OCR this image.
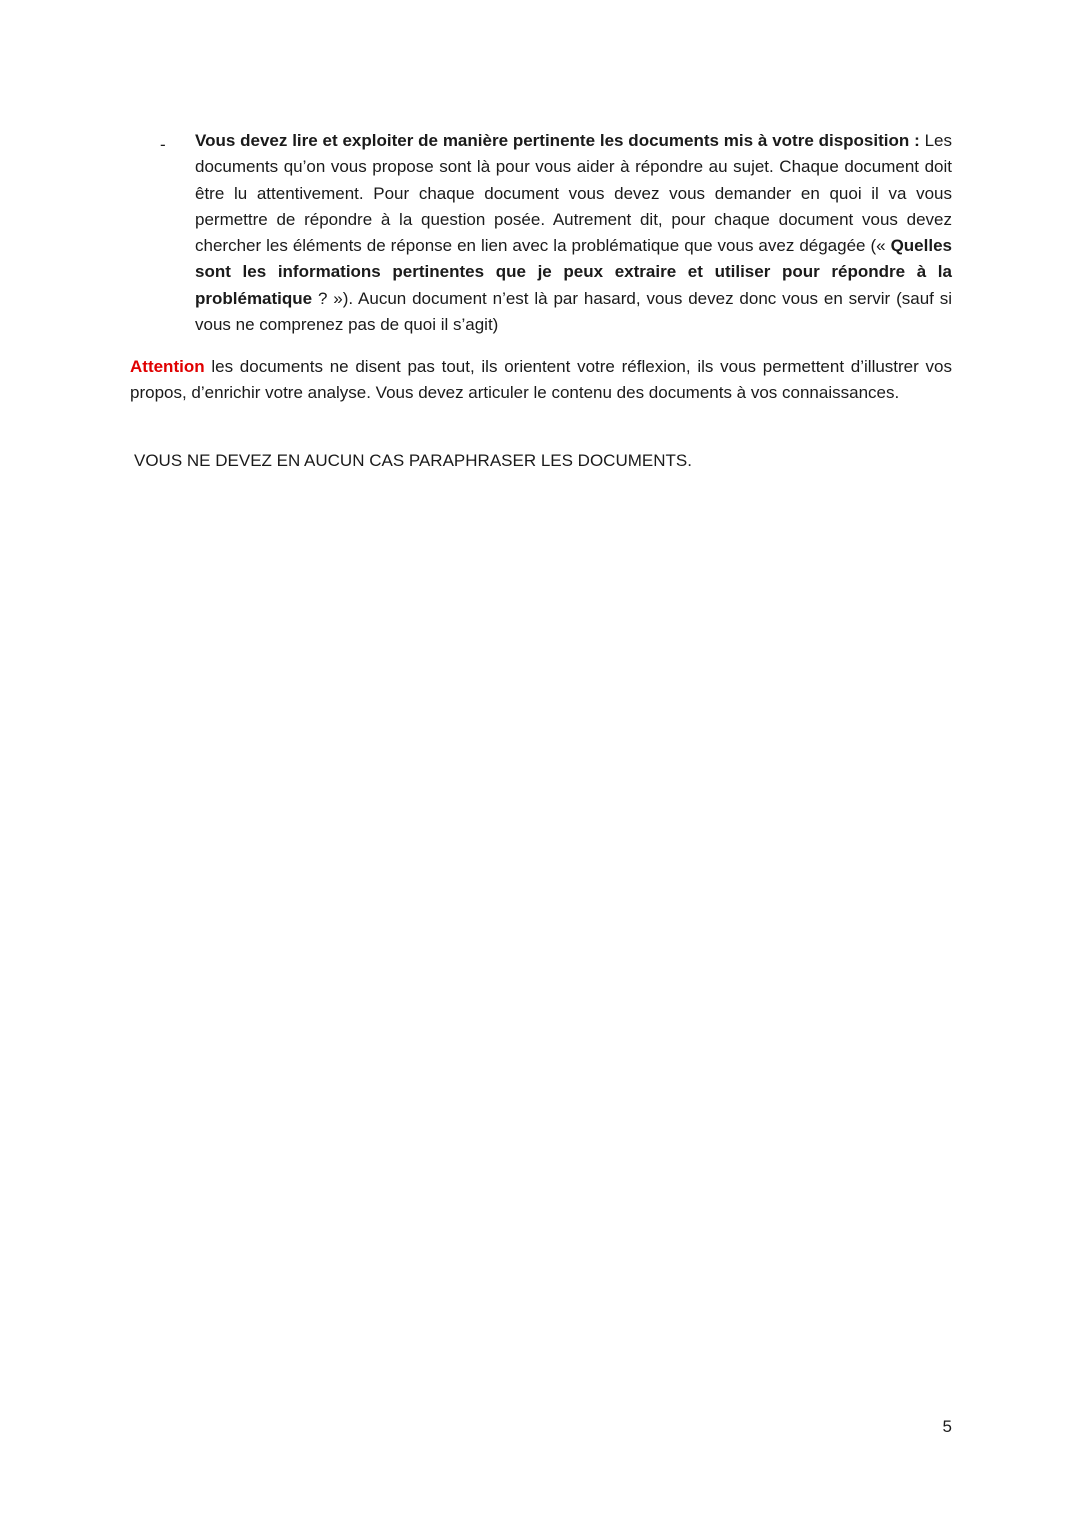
- Vous devez lire et exploiter de manière pertinente les documents mis à votre disposition : Les documents qu’on vous propose sont là pour vous aider à répondre au sujet. Chaque document doit être lu attentivement. Pour chaque document vous devez vous demander en quoi il va vous permettre de répondre à la question posée. Autrement dit, pour chaque document vous devez chercher les éléments de réponse en lien avec la problématique que vous avez dégagée (« Quelles sont les informations pertinentes que je peux extraire et utiliser pour répondre à la problématique ? »). Aucun document n’est là par hasard, vous devez donc vous en servir (sauf si vous ne comprenez pas de quoi il s’agit)
Attention les documents ne disent pas tout, ils orientent votre réflexion, ils vous permettent d’illustrer vos propos, d’enrichir votre analyse. Vous devez articuler le contenu des documents à vos connaissances.
VOUS NE DEVEZ EN AUCUN CAS PARAPHRASER LES DOCUMENTS.
5
